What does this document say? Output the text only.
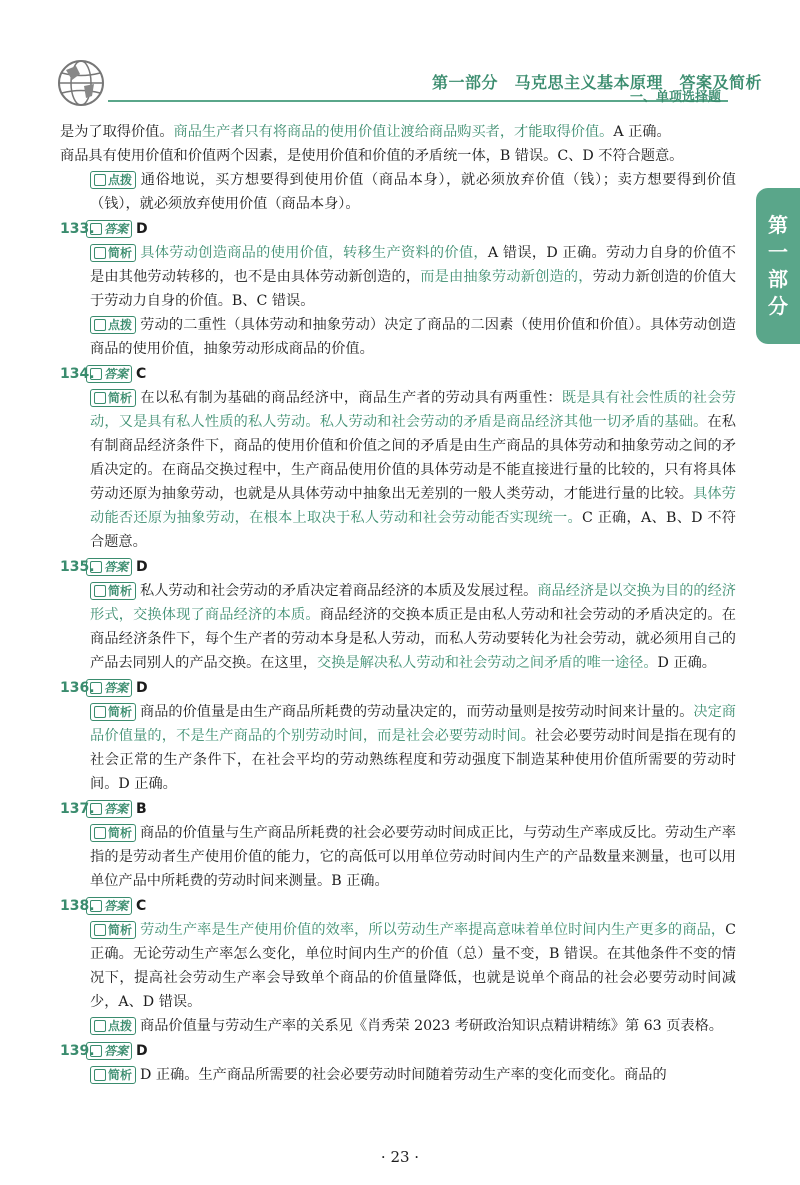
第一部分　马克思主义基本原理　答案及简析
一、单项选择题
第
一
部
分

是为了取得价值。商品生产者只有将商品的使用价值让渡给商品购买者，才能取得价值。A 正确。
商品具有使用价值和价值两个因素，是使用价值和价值的矛盾统一体，B 错误。C、D 不符合题意。

点拨 通俗地说，买方想要得到使用价值（商品本身），就必须放弃价值（钱）；卖方想要得到价值（钱），就必须放弃使用价值（商品本身）。

133. 答案 D

简析 具体劳动创造商品的使用价值，转移生产资料的价值，A 错误，D 正确。劳动力自身的价值不是由其他劳动转移的，也不是由具体劳动新创造的，而是由抽象劳动新创造的，劳动力新创造的价值大于劳动力自身的价值。B、C 错误。

点拨 劳动的二重性（具体劳动和抽象劳动）决定了商品的二因素（使用价值和价值）。具体劳动创造商品的使用价值，抽象劳动形成商品的价值。

134. 答案 C

简析 在以私有制为基础的商品经济中，商品生产者的劳动具有两重性：既是具有社会性质的社会劳动，又是具有私人性质的私人劳动。私人劳动和社会劳动的矛盾是商品经济其他一切矛盾的基础。在私有制商品经济条件下，商品的使用价值和价值之间的矛盾是由生产商品的具体劳动和抽象劳动之间的矛盾决定的。在商品交换过程中，生产商品使用价值的具体劳动是不能直接进行量的比较的，只有将具体劳动还原为抽象劳动，也就是从具体劳动中抽象出无差别的一般人类劳动，才能进行量的比较。具体劳动能否还原为抽象劳动，在根本上取决于私人劳动和社会劳动能否实现统一。C 正确，A、B、D 不符合题意。

135. 答案 D

简析 私人劳动和社会劳动的矛盾决定着商品经济的本质及发展过程。商品经济是以交换为目的的经济形式，交换体现了商品经济的本质。商品经济的交换本质正是由私人劳动和社会劳动的矛盾决定的。在商品经济条件下，每个生产者的劳动本身是私人劳动，而私人劳动要转化为社会劳动，就必须用自己的产品去同别人的产品交换。在这里，交换是解决私人劳动和社会劳动之间矛盾的唯一途径。D 正确。

136. 答案 D

简析 商品的价值量是由生产商品所耗费的劳动量决定的，而劳动量则是按劳动时间来计量的。决定商品价值量的，不是生产商品的个别劳动时间，而是社会必要劳动时间。社会必要劳动时间是指在现有的社会正常的生产条件下，在社会平均的劳动熟练程度和劳动强度下制造某种使用价值所需要的劳动时间。D 正确。

137. 答案 B

简析 商品的价值量与生产商品所耗费的社会必要劳动时间成正比，与劳动生产率成反比。劳动生产率指的是劳动者生产使用价值的能力，它的高低可以用单位劳动时间内生产的产品数量来测量，也可以用单位产品中所耗费的劳动时间来测量。B 正确。

138. 答案 C

简析 劳动生产率是生产使用价值的效率，所以劳动生产率提高意味着单位时间内生产更多的商品，C 正确。无论劳动生产率怎么变化，单位时间内生产的价值（总）量不变，B 错误。在其他条件不变的情况下，提高社会劳动生产率会导致单个商品的价值量降低，也就是说单个商品的社会必要劳动时间减少，A、D 错误。

点拨 商品价值量与劳动生产率的关系见《肖秀荣 2023 考研政治知识点精讲精练》第 63 页表格。

139. 答案 D

简析 D 正确。生产商品所需要的社会必要劳动时间随着劳动生产率的变化而变化。商品的

· 23 ·
